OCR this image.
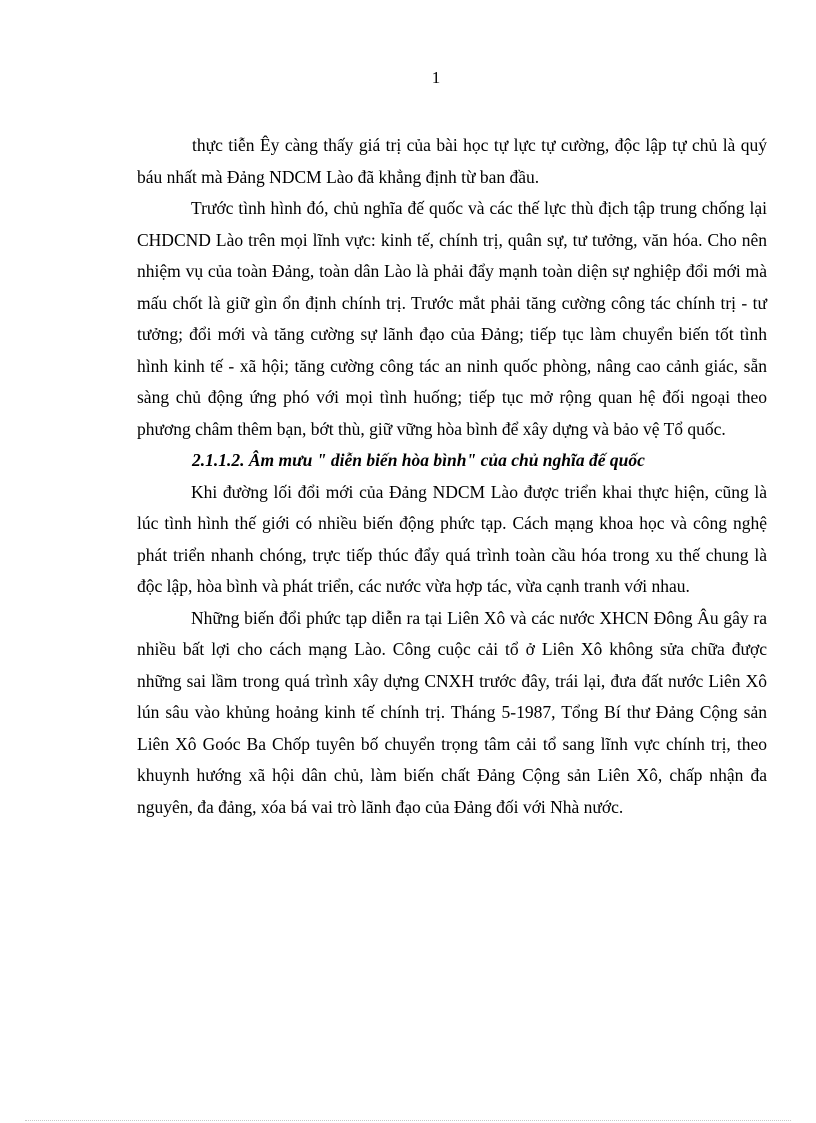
1

thực tiễn Êy càng thấy giá trị của bài học tự lực tự cường, độc lập tự chủ là quý báu nhất mà Đảng NDCM Lào đã khẳng định từ ban đầu.

Trước tình hình đó, chủ nghĩa đế quốc và các thế lực thù địch tập trung chống lại CHDCND Lào trên mọi lĩnh vực: kinh tế, chính trị, quân sự, tư tưởng, văn hóa. Cho nên nhiệm vụ của toàn Đảng, toàn dân Lào là phải đẩy mạnh toàn diện sự nghiệp đổi mới mà mấu chốt là giữ gìn ổn định chính trị. Trước mắt phải tăng cường công tác chính trị - tư tưởng; đổi mới và tăng cường sự lãnh đạo của Đảng; tiếp tục làm chuyển biến tốt tình hình kinh tế - xã hội; tăng cường công tác an ninh quốc phòng, nâng cao cảnh giác, sẵn sàng chủ động ứng phó với mọi tình huống; tiếp tục mở rộng quan hệ đối ngoại theo phương châm thêm bạn, bớt thù, giữ vững hòa bình để xây dựng và bảo vệ Tổ quốc.

2.1.1.2. Âm mưu " diễn biến hòa bình" của chủ nghĩa đế quốc

Khi đường lối đổi mới của Đảng NDCM Lào được triển khai thực hiện, cũng là lúc tình hình thế giới có nhiều biến động phức tạp. Cách mạng khoa học và công nghệ phát triển nhanh chóng, trực tiếp thúc đẩy quá trình toàn cầu hóa trong xu thế chung là độc lập, hòa bình và phát triển, các nước vừa hợp tác, vừa cạnh tranh với nhau.

Những biến đổi phức tạp diễn ra tại Liên Xô và các nước XHCN Đông Âu gây ra nhiều bất lợi cho cách mạng Lào. Công cuộc cải tổ ở Liên Xô không sửa chữa được những sai lầm trong quá trình xây dựng CNXH trước đây, trái lại, đưa đất nước Liên Xô lún sâu vào khủng hoảng kinh tế chính trị. Tháng 5-1987, Tổng Bí thư Đảng Cộng sản Liên Xô Goóc Ba Chốp tuyên bố chuyển trọng tâm cải tổ sang lĩnh vực chính trị, theo khuynh hướng xã hội dân chủ, làm biến chất Đảng Cộng sản Liên Xô, chấp nhận đa nguyên, đa đảng, xóa bá vai trò lãnh đạo của Đảng đối với Nhà nước.
